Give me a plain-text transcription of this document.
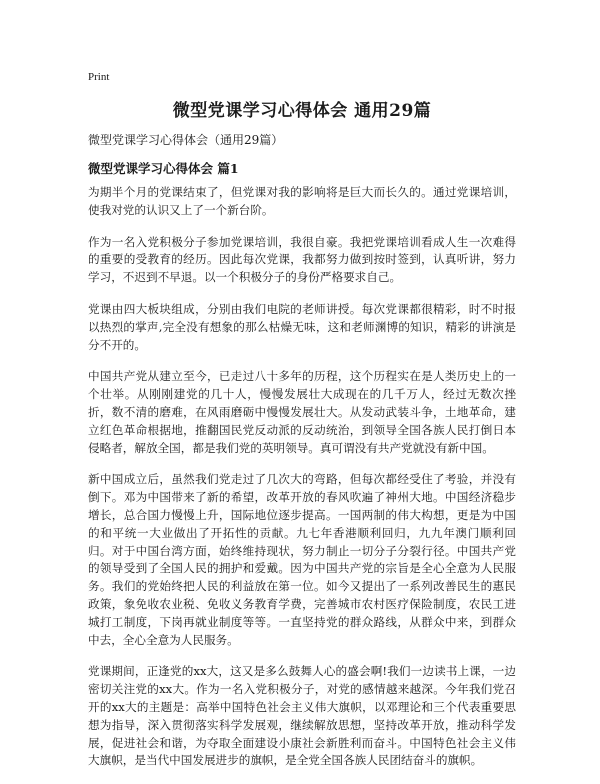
Print
微型党课学习心得体会 通用29篇
微型党课学习心得体会（通用29篇）
微型党课学习心得体会 篇1

为期半个月的党课结束了，但党课对我的影响将是巨大而长久的。通过党课培训，使我对党的认识又上了一个新台阶。

作为一名入党积极分子参加党课培训，我很自豪。我把党课培训看成人生一次难得的重要的受教育的经历。因此每次党课，我都努力做到按时签到，认真听讲，努力学习，不迟到不早退。以一个积极分子的身份严格要求自己。

党课由四大板块组成，分别由我们电院的老师讲授。每次党课都很精彩，时不时报以热烈的掌声,完全没有想象的那么枯燥无味，这和老师渊博的知识，精彩的讲演是分不开的。

中国共产党从建立至今，已走过八十多年的历程，这个历程实在是人类历史上的一个壮举。从刚刚建党的几十人，慢慢发展壮大成现在的几千万人，经过无数次挫折，数不清的磨难，在风雨磨砺中慢慢发展壮大。从发动武装斗争，土地革命，建立红色革命根据地，推翻国民党反动派的反动统治，到领导全国各族人民打倒日本侵略者，解放全国，都是我们党的英明领导。真可谓没有共产党就没有新中国。

新中国成立后，虽然我们党走过了几次大的弯路，但每次都经受住了考验，并没有倒下。邓为中国带来了新的希望，改革开放的春风吹遍了神州大地。中国经济稳步增长，总合国力慢慢上升，国际地位逐步提高。一国两制的伟大构想，更是为中国的和平统一大业做出了开拓性的贡献。九七年香港顺利回归，九九年澳门顺利回归。对于中国台湾方面，始终维持现状，努力制止一切分子分裂行径。中国共产党的领导受到了全国人民的拥护和爱戴。因为中国共产党的宗旨是全心全意为人民服务。我们的党始终把人民的利益放在第一位。如今又提出了一系列改善民生的惠民政策，象免收农业税、免收义务教育学费，完善城市农村医疗保险制度，农民工进城打工制度，下岗再就业制度等等。一直坚持党的群众路线，从群众中来，到群众中去，全心全意为人民服务。

党课期间，正逢党的xx大，这又是多么鼓舞人心的盛会啊!我们一边读书上课，一边密切关注党的xx大。作为一名入党积极分子，对党的感情越来越深。今年我们党召开的xx大的主题是：高举中国特色社会主义伟大旗帜，以邓理论和三个代表重要思想为指导，深入贯彻落实科学发展观，继续解放思想，坚持改革开放，推动科学发展，促进社会和谐，为夺取全面建设小康社会新胜利而奋斗。中国特色社会主义伟大旗帜，是当代中国发展进步的旗帜，是全党全国各族人民团结奋斗的旗帜。
